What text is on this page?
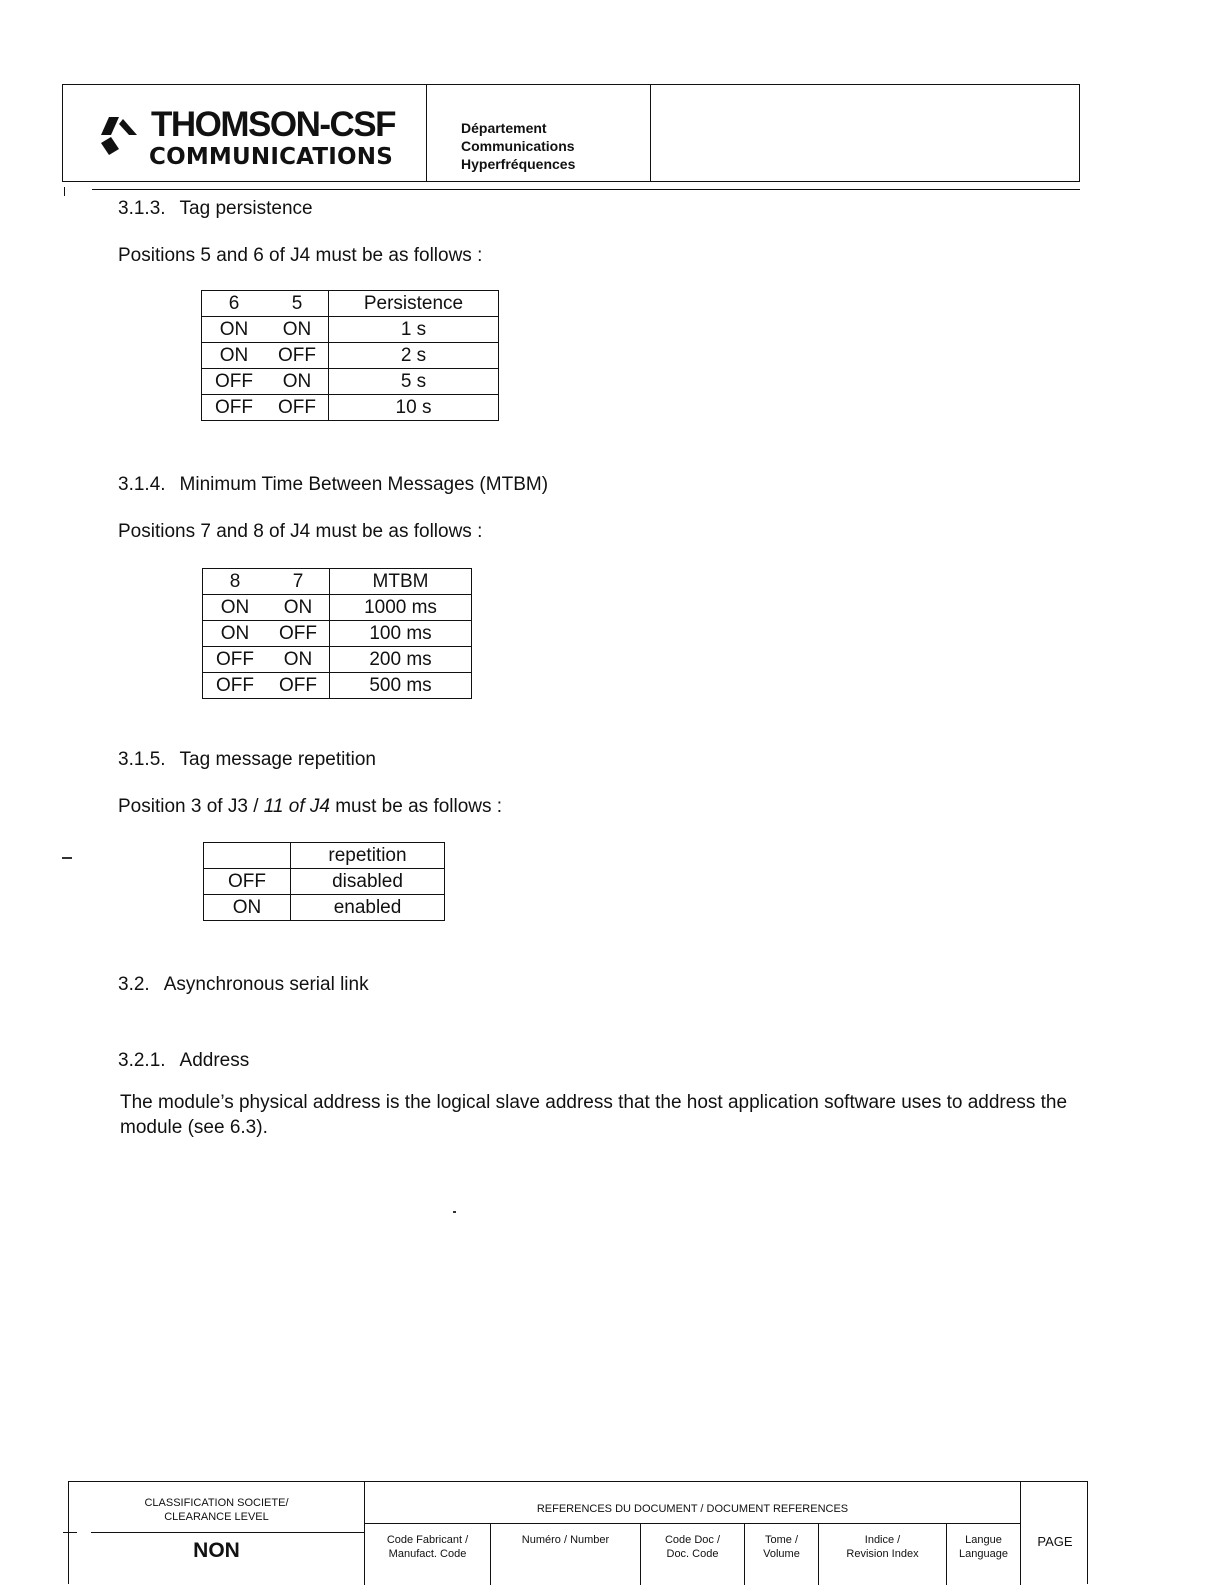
THOMSON-CSF
COMMUNICATIONS
Département
Communications
Hyperfréquences
3.1.3. Tag persistence
Positions 5 and 6 of J4 must be as follows :
6	5	Persistence
ON	ON	1 s
ON	OFF	2 s
OFF	ON	5 s
OFF	OFF	10 s
3.1.4. Minimum Time Between Messages (MTBM)
Positions 7 and 8 of J4 must be as follows :
8	7	MTBM
ON	ON	1000 ms
ON	OFF	100 ms
OFF	ON	200 ms
OFF	OFF	500 ms
3.1.5. Tag message repetition
Position 3 of J3 / 11 of J4 must be as follows :
	repetition
OFF	disabled
ON	enabled
3.2. Asynchronous serial link
3.2.1. Address
The module’s physical address is the logical slave address that the host application software uses to address the module (see 6.3).
CLASSIFICATION SOCIETE/
CLEARANCE LEVEL
NON
REFERENCES DU DOCUMENT / DOCUMENT REFERENCES
PAGE
Code Fabricant /
Manufact. Code
Numéro / Number	Code Doc /
Doc. Code
Tome /
Volume
Indice /
Revision Index
Langue
Language
